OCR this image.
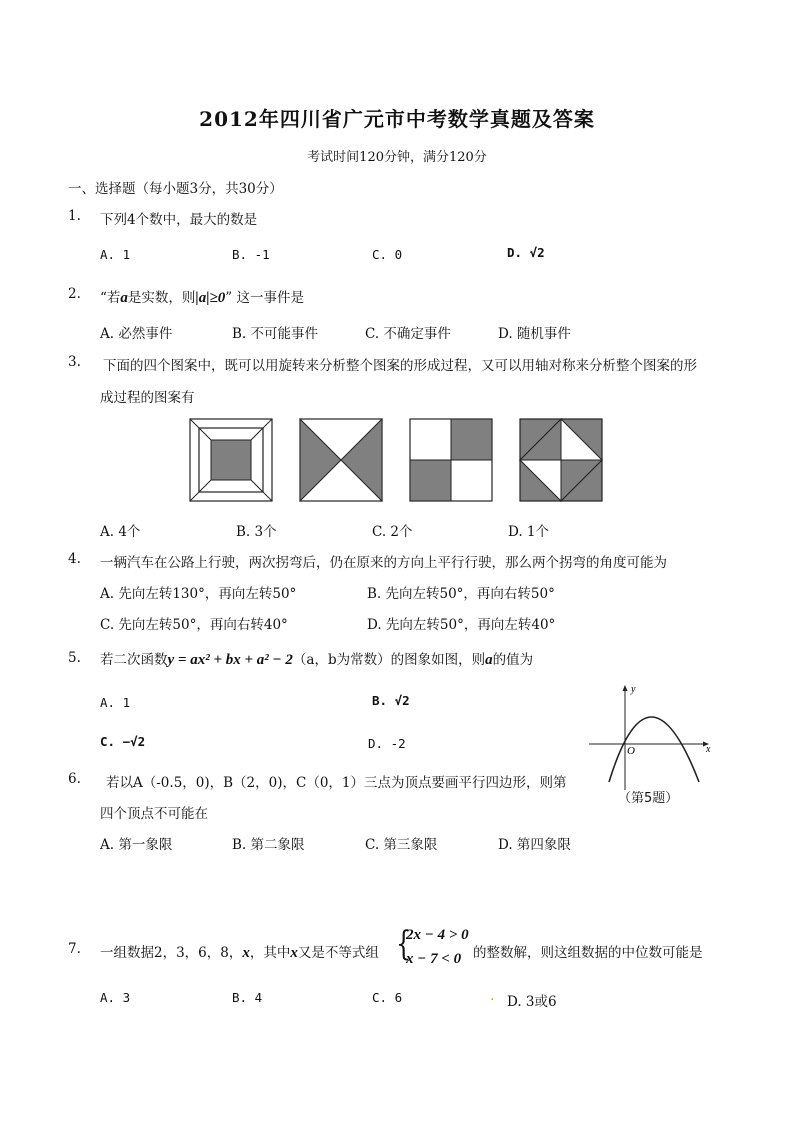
2012年四川省广元市中考数学真题及答案
考试时间120分钟，满分120分
一、选择题（每小题3分，共30分）
1. 下列4个数中，最大的数是
A. 1	B. -1	C. 0	D. √2
2. “若a是实数，则|a|≥0” 这一事件是
A. 必然事件	B. 不可能事件	C. 不确定事件	D. 随机事件
3. 下面的四个图案中，既可以用旋转来分析整个图案的形成过程，又可以用轴对称来分析整个图案的形
成过程的图案有
A. 4个	B. 3个	C. 2个	D. 1个
4. 一辆汽车在公路上行驶，两次拐弯后，仍在原来的方向上平行行驶，那么两个拐弯的角度可能为
A. 先向左转130°，再向左转50°	B. 先向左转50°，再向右转50°
C. 先向左转50°，再向右转40°	D. 先向左转50°，再向左转40°
5. 若二次函数y = ax² + bx + a² − 2（a，b为常数）的图象如图，则a的值为
A. 1	B. √2
C. −√2	D. -2
y
x
O
（第5题）
6. 若以A（-0.5，0)，B（2，0)，C（0，1）三点为顶点要画平行四边形，则第
四个顶点不可能在
A. 第一象限	B. 第二象限	C. 第三象限	D. 第四象限
7. 一组数据2，3，6，8，x，其中x又是不等式组 {
2x − 4 > 0
x − 7 < 0 的整数解，则这组数据的中位数可能是
A. 3	B. 4	C. 6	. D. 3或6
